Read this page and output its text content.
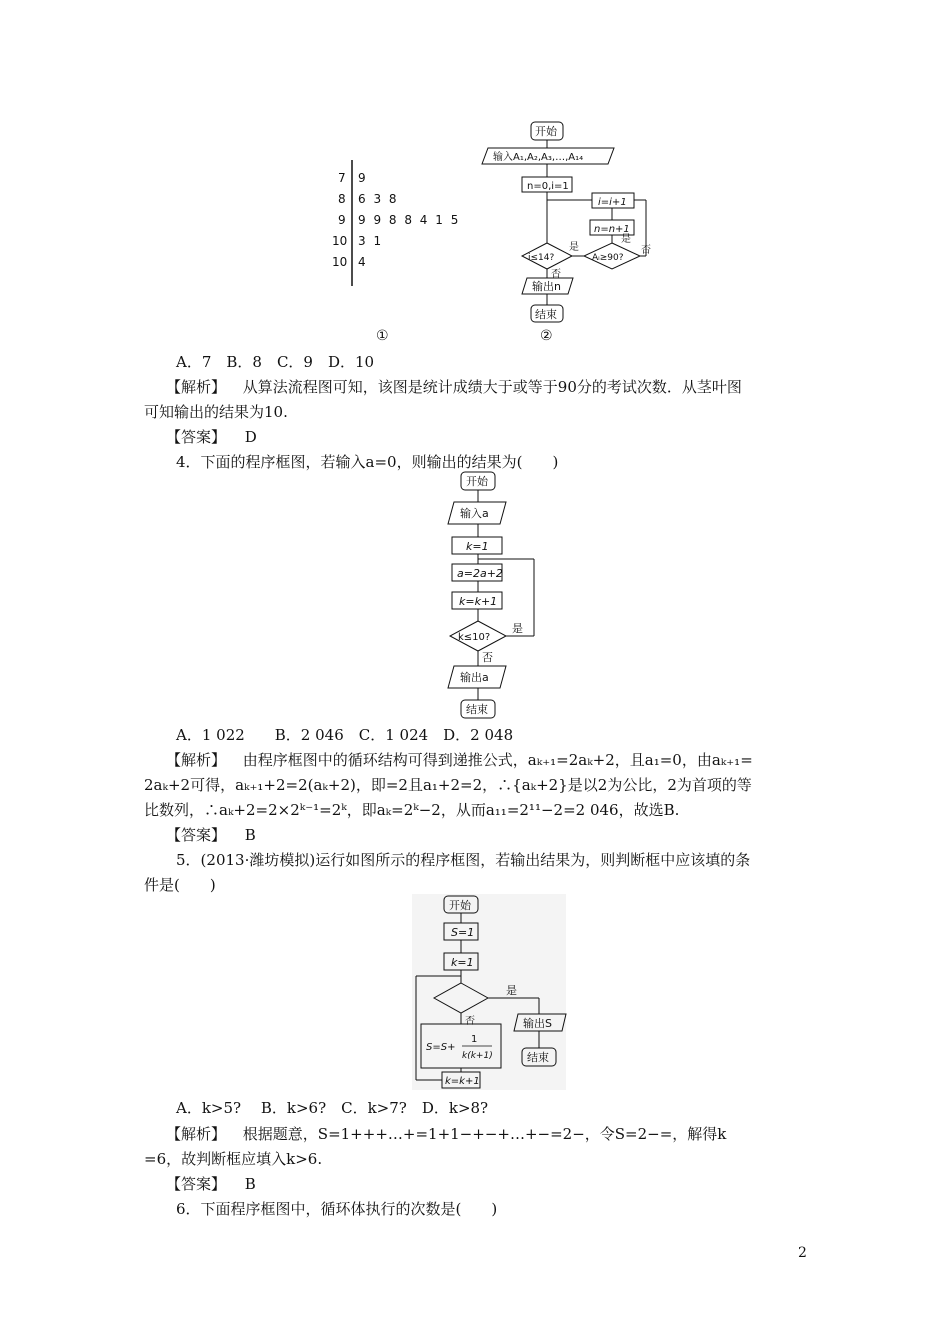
7 9
8 6 3 8
9 9 9 8 8 4 1 5
10 3 1
10 4
①
开始
输入A₁,A₂,A₃,…,A₁₄
n=0,i=1
i=i+1
n=n+1
i≤14?	Aᵢ≥90?
是
是
否
否
输出n
结束
②
A．7　B．8　C．9　D．10
【解析】 从算法流程图可知，该图是统计成绩大于或等于90分的考试次数．从茎叶图
可知输出的结果为10.
【答案】 D
4．下面的程序框图，若输入a=0，则输出的结果为(　　)
开始
输入a
k=1
a=2a+2
k=k+1
k≤10?
是
否
输出a
结束
A．1 022　　B．2 046　C．1 024　D．2 048
【解析】 由程序框图中的循环结构可得到递推公式，aₖ₊₁=2aₖ+2，且a₁=0，由aₖ₊₁=
2aₖ+2可得，aₖ₊₁+2=2(aₖ+2)，即=2且a₁+2=2，∴{aₖ+2}是以2为公比，2为首项的等
比数列，∴aₖ+2=2×2ᵏ⁻¹=2ᵏ，即aₖ=2ᵏ−2，从而a₁₁=2¹¹−2=2 046，故选B.
【答案】 B
5．(2013·潍坊模拟)运行如图所示的程序框图，若输出结果为，则判断框中应该填的条
件是(　　)
开始
S=1
k=1
是
否
S=S+
1
k(k+1)
k=k+1
输出S
结束
A．k>5?　 B．k>6?　C．k>7?　D．k>8?
【解析】 根据题意，S=1+++…+=1+1−+−+…+−=2−，令S=2−=，解得k
=6，故判断框应填入k>6.
【答案】 B
6．下面程序框图中，循环体执行的次数是(　　)
2
